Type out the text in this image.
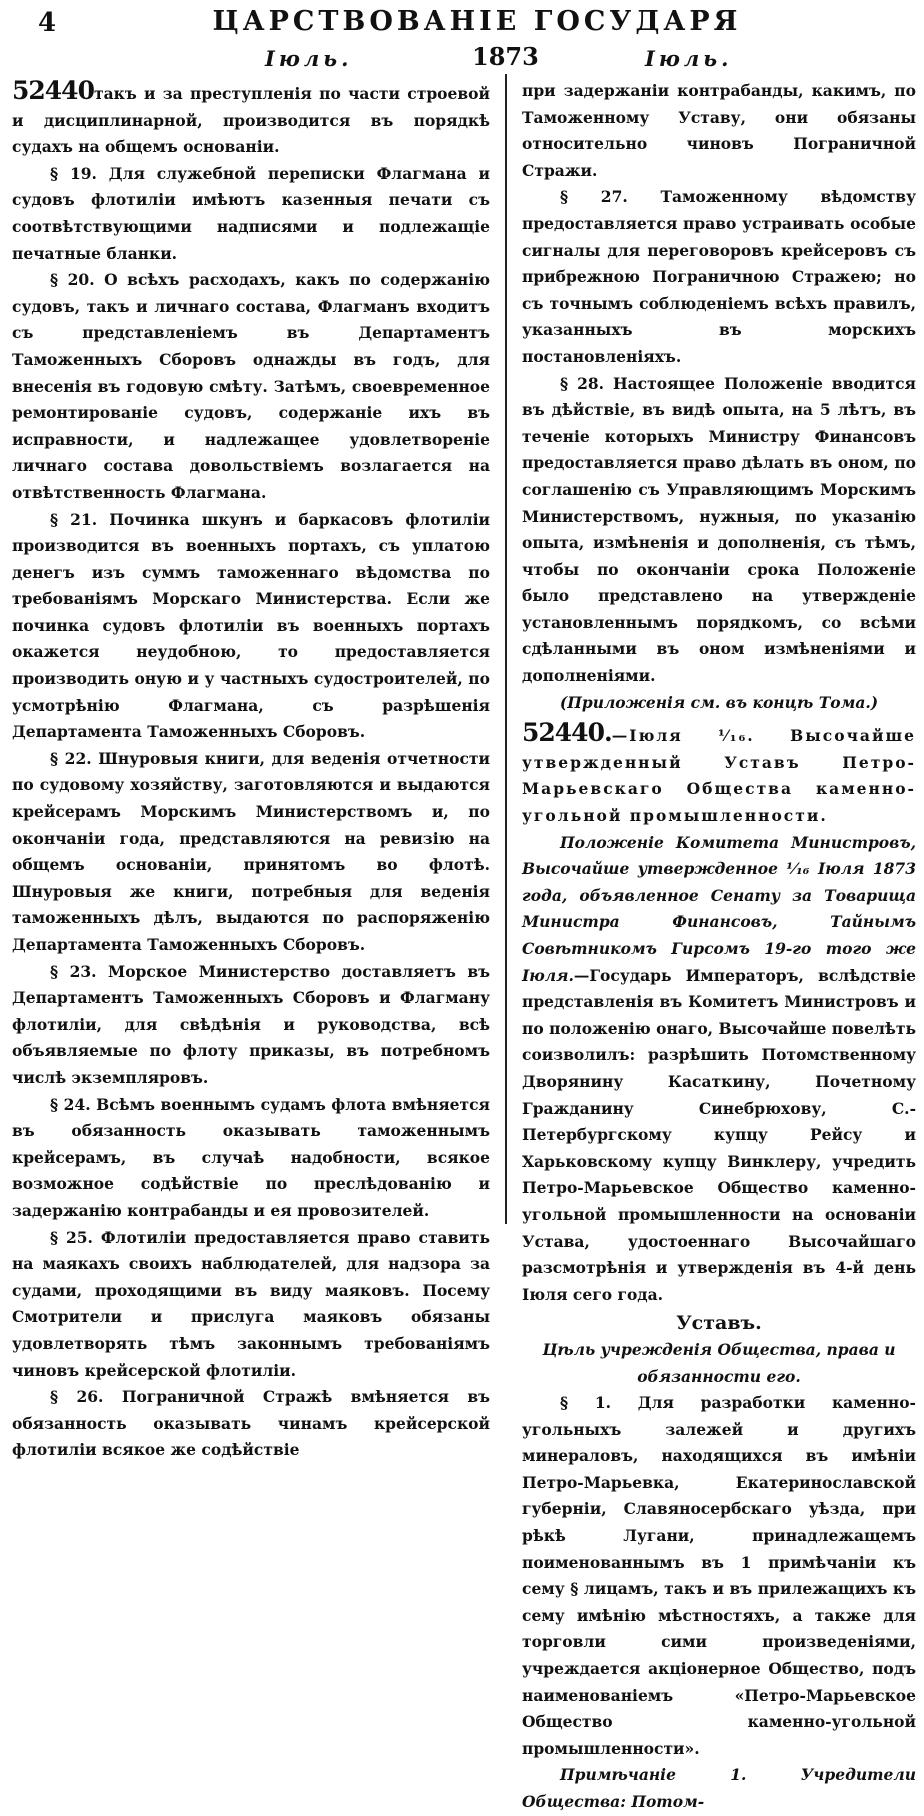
4	ЦАРСТВОВАНІЕ ГОСУДАРЯ
Іюль.	1873	Іюль.

52440такъ и за преступленія по части строевой и дисциплинарной, производится въ порядкѣ судахъ на общемъ основаніи.

§ 19. Для служебной переписки Флагмана и судовъ флотиліи имѣютъ казенныя печати съ соотвѣтствующими надписями и подлежащіе печатные бланки.

§ 20. О всѣхъ расходахъ, какъ по содержанію судовъ, такъ и личнаго состава, Флагманъ входитъ съ представленіемъ въ Департаментъ Таможенныхъ Сборовъ однажды въ годъ, для внесенія въ годовую смѣту. Затѣмъ, своевременное ремонтированіе судовъ, содержаніе ихъ въ исправности, и надлежащее удовлетвореніе личнаго состава довольствіемъ возлагается на отвѣтственность Флагмана.

§ 21. Починка шкунъ и баркасовъ флотиліи производится въ военныхъ портахъ, съ уплатою денегъ изъ суммъ таможеннаго вѣдомства по требованіямъ Морскаго Министерства. Если же починка судовъ флотиліи въ военныхъ портахъ окажется неудобною, то предоставляется производить оную и у частныхъ судостроителей, по усмотрѣнію Флагмана, съ разрѣшенія Департамента Таможенныхъ Сборовъ.

§ 22. Шнуровыя книги, для веденія отчетности по судовому хозяйству, заготовляются и выдаются крейсерамъ Морскимъ Министерствомъ и, по окончаніи года, представляются на ревизію на общемъ основаніи, принятомъ во флотѣ. Шнуровыя же книги, потребныя для веденія таможенныхъ дѣлъ, выдаются по распоряженію Департамента Таможенныхъ Сборовъ.

§ 23. Морское Министерство доставляетъ въ Департаментъ Таможенныхъ Сборовъ и Флагману флотиліи, для свѣдѣнія и руководства, всѣ объявляемые по флоту приказы, въ потребномъ числѣ экземпляровъ.

§ 24. Всѣмъ военнымъ судамъ флота вмѣняется въ обязанность оказывать таможеннымъ крейсерамъ, въ случаѣ надобности, всякое возможное содѣйствіе по преслѣдованію и задержанію контрабанды и ея провозителей.

§ 25. Флотиліи предоставляется право ставить на маякахъ своихъ наблюдателей, для надзора за судами, проходящими въ виду маяковъ. Посему Смотрители и прислуга маяковъ обязаны удовлетворять тѣмъ законнымъ требованіямъ чиновъ крейсерской флотиліи.

§ 26. Пограничной Стражѣ вмѣняется въ обязанность оказывать чинамъ крейсерской флотиліи всякое же содѣйствіе

при задержаніи контрабанды, какимъ, по Таможенному Уставу, они обязаны относительно чиновъ Пограничной Стражи.

§ 27. Таможенному вѣдомству предоставляется право устраивать особые сигналы для переговоровъ крейсеровъ съ прибрежною Пограничною Стражею; но съ точнымъ соблюденіемъ всѣхъ правилъ, указанныхъ въ морскихъ постановленіяхъ.

§ 28. Настоящее Положеніе вводится въ дѣйствіе, въ видѣ опыта, на 5 лѣтъ, въ теченіе которыхъ Министру Финансовъ предоставляется право дѣлать въ оном, по соглашенію съ Управляющимъ Морскимъ Министерствомъ, нужныя, по указанію опыта, измѣненія и дополненія, съ тѣмъ, чтобы по окончаніи срока Положеніе было представлено на утвержденіе установленнымъ порядкомъ, со всѣми сдѣланными въ оном измѣненіями и дополненіями.

(Приложенія см. въ концѣ Тома.)

52440.—Іюля ⅟₁₆. Высочайше утвержденный Уставъ Петро-Марьевскаго Общества каменно-угольной промышленности.

Положеніе Комитета Министровъ, Высочайше утвержденное ⅟₁₆ Іюля 1873 года, объявленное Сенату за Товарища Министра Финансовъ, Тайнымъ Совѣтникомъ Гирсомъ 19-го того же Іюля.—Государь Императоръ, вслѣдствіе представленія въ Комитетъ Министровъ и по положенію онаго, Высочайше повелѣть соизволилъ: разрѣшить Потомственному Дворянину Касаткину, Почетному Гражданину Синебрюхову, С.-Петербургскому купцу Рейсу и Харьковскому купцу Винклеру, учредить Петро-Марьевское Общество каменно-угольной промышленности на основаніи Устава, удостоеннаго Высочайшаго разсмотрѣнія и утвержденія въ 4-й день Іюля сего года.

Уставъ.

Цѣль учрежденія Общества, права и обязанности его.

§ 1. Для разработки каменно-угольныхъ залежей и другихъ минераловъ, находящихся въ имѣніи Петро-Марьевка, Екатеринославской губерніи, Славяносербскаго уѣзда, при рѣкѣ Лугани, принадлежащемъ поименованнымъ въ 1 примѣчаніи къ сему § лицамъ, такъ и въ прилежащихъ къ сему имѣнію мѣстностяхъ, а также для торговли сими произведеніями, учреждается акціонерное Общество, подъ наименованіемъ «Петро-Марьевское Общество каменно-угольной промышленности».

Примѣчаніе 1. Учредители Общества: Потом-
